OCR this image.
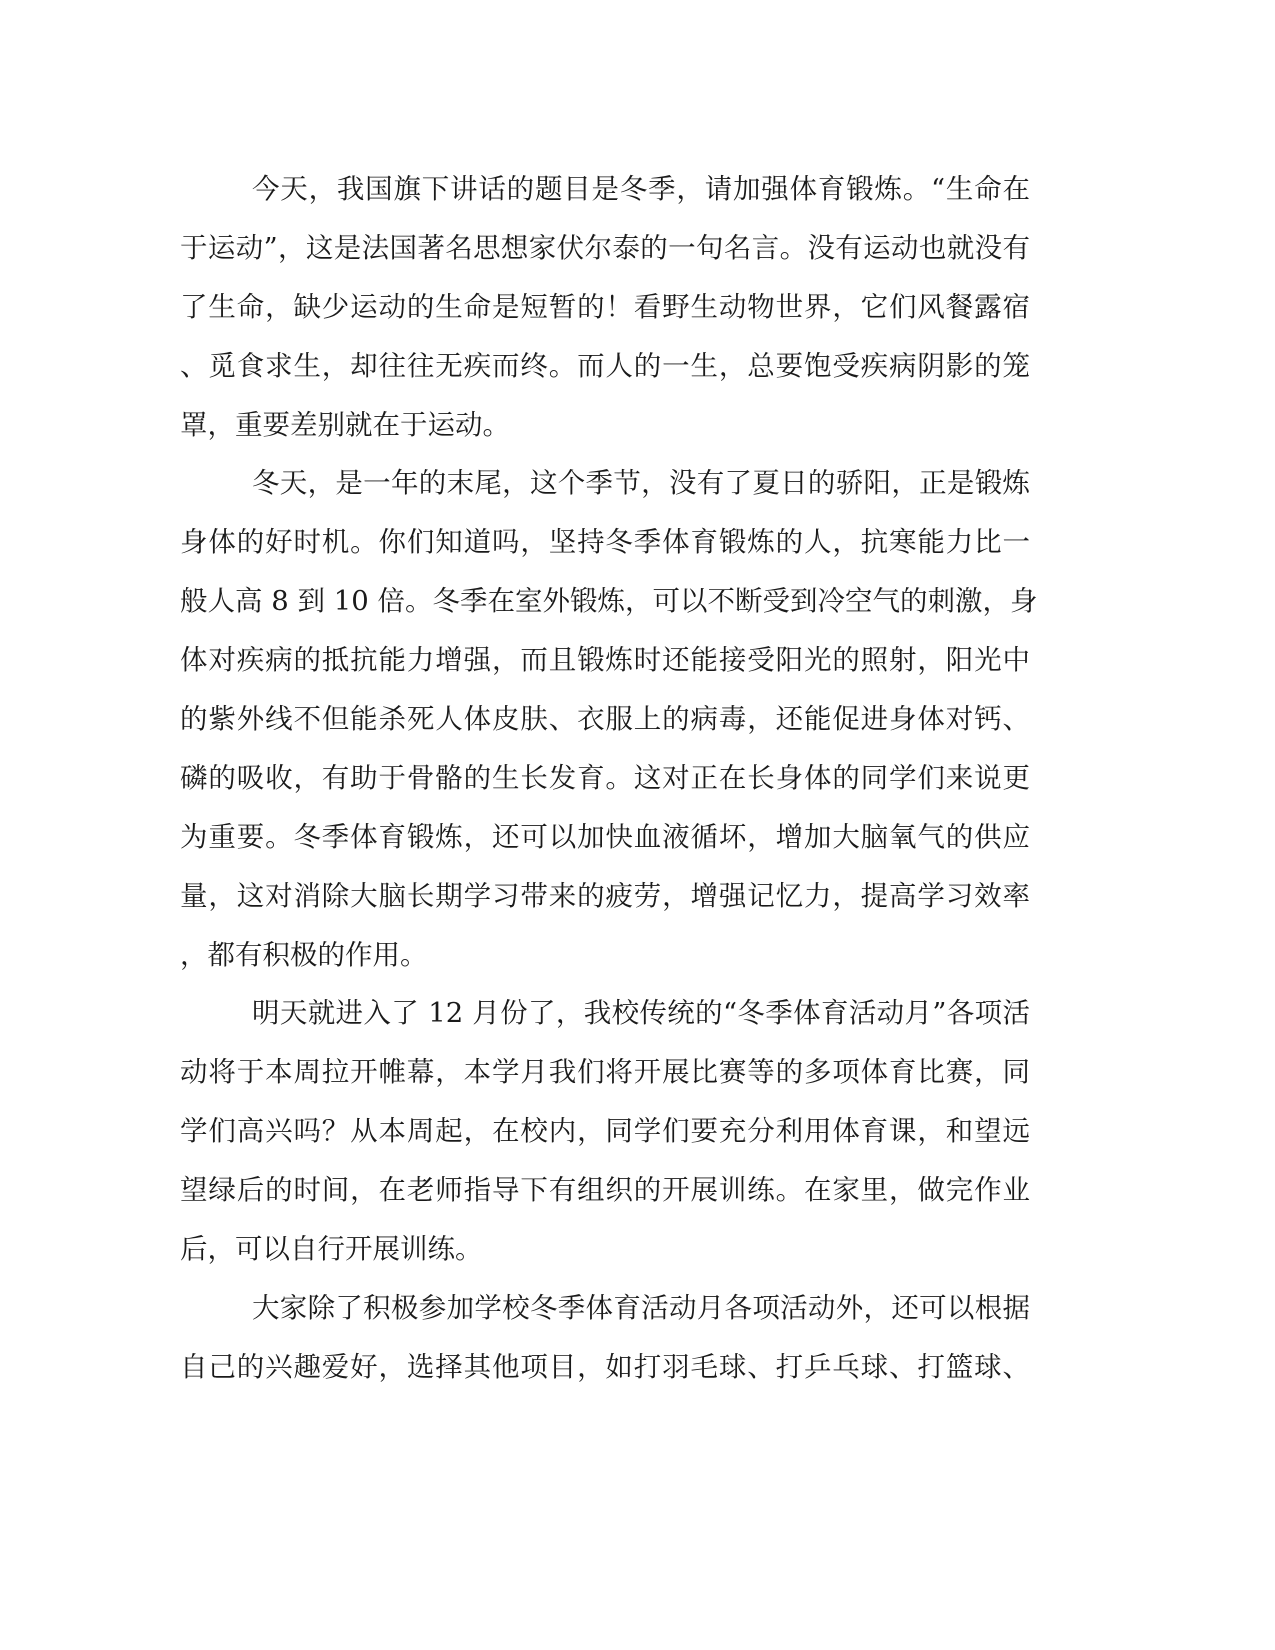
今天，我国旗下讲话的题目是冬季，请加强体育锻炼。“生命在
于运动”，这是法国著名思想家伏尔泰的一句名言。没有运动也就没有
了生命，缺少运动的生命是短暂的！看野生动物世界，它们风餐露宿
、觅食求生，却往往无疾而终。而人的一生，总要饱受疾病阴影的笼
罩，重要差别就在于运动。
冬天，是一年的末尾，这个季节，没有了夏日的骄阳，正是锻炼
身体的好时机。你们知道吗，坚持冬季体育锻炼的人，抗寒能力比一
般人高 8 到 10 倍。冬季在室外锻炼，可以不断受到冷空气的刺激，身
体对疾病的抵抗能力增强，而且锻炼时还能接受阳光的照射，阳光中
的紫外线不但能杀死人体皮肤、衣服上的病毒，还能促进身体对钙、
磷的吸收，有助于骨骼的生长发育。这对正在长身体的同学们来说更
为重要。冬季体育锻炼，还可以加快血液循坏，增加大脑氧气的供应
量，这对消除大脑长期学习带来的疲劳，增强记忆力，提高学习效率
，都有积极的作用。
明天就进入了 12 月份了，我校传统的“冬季体育活动月”各项活
动将于本周拉开帷幕，本学月我们将开展比赛等的多项体育比赛，同
学们高兴吗？从本周起，在校内，同学们要充分利用体育课，和望远
望绿后的时间，在老师指导下有组织的开展训练。在家里，做完作业
后，可以自行开展训练。
大家除了积极参加学校冬季体育活动月各项活动外，还可以根据
自己的兴趣爱好，选择其他项目，如打羽毛球、打乒乓球、打篮球、
